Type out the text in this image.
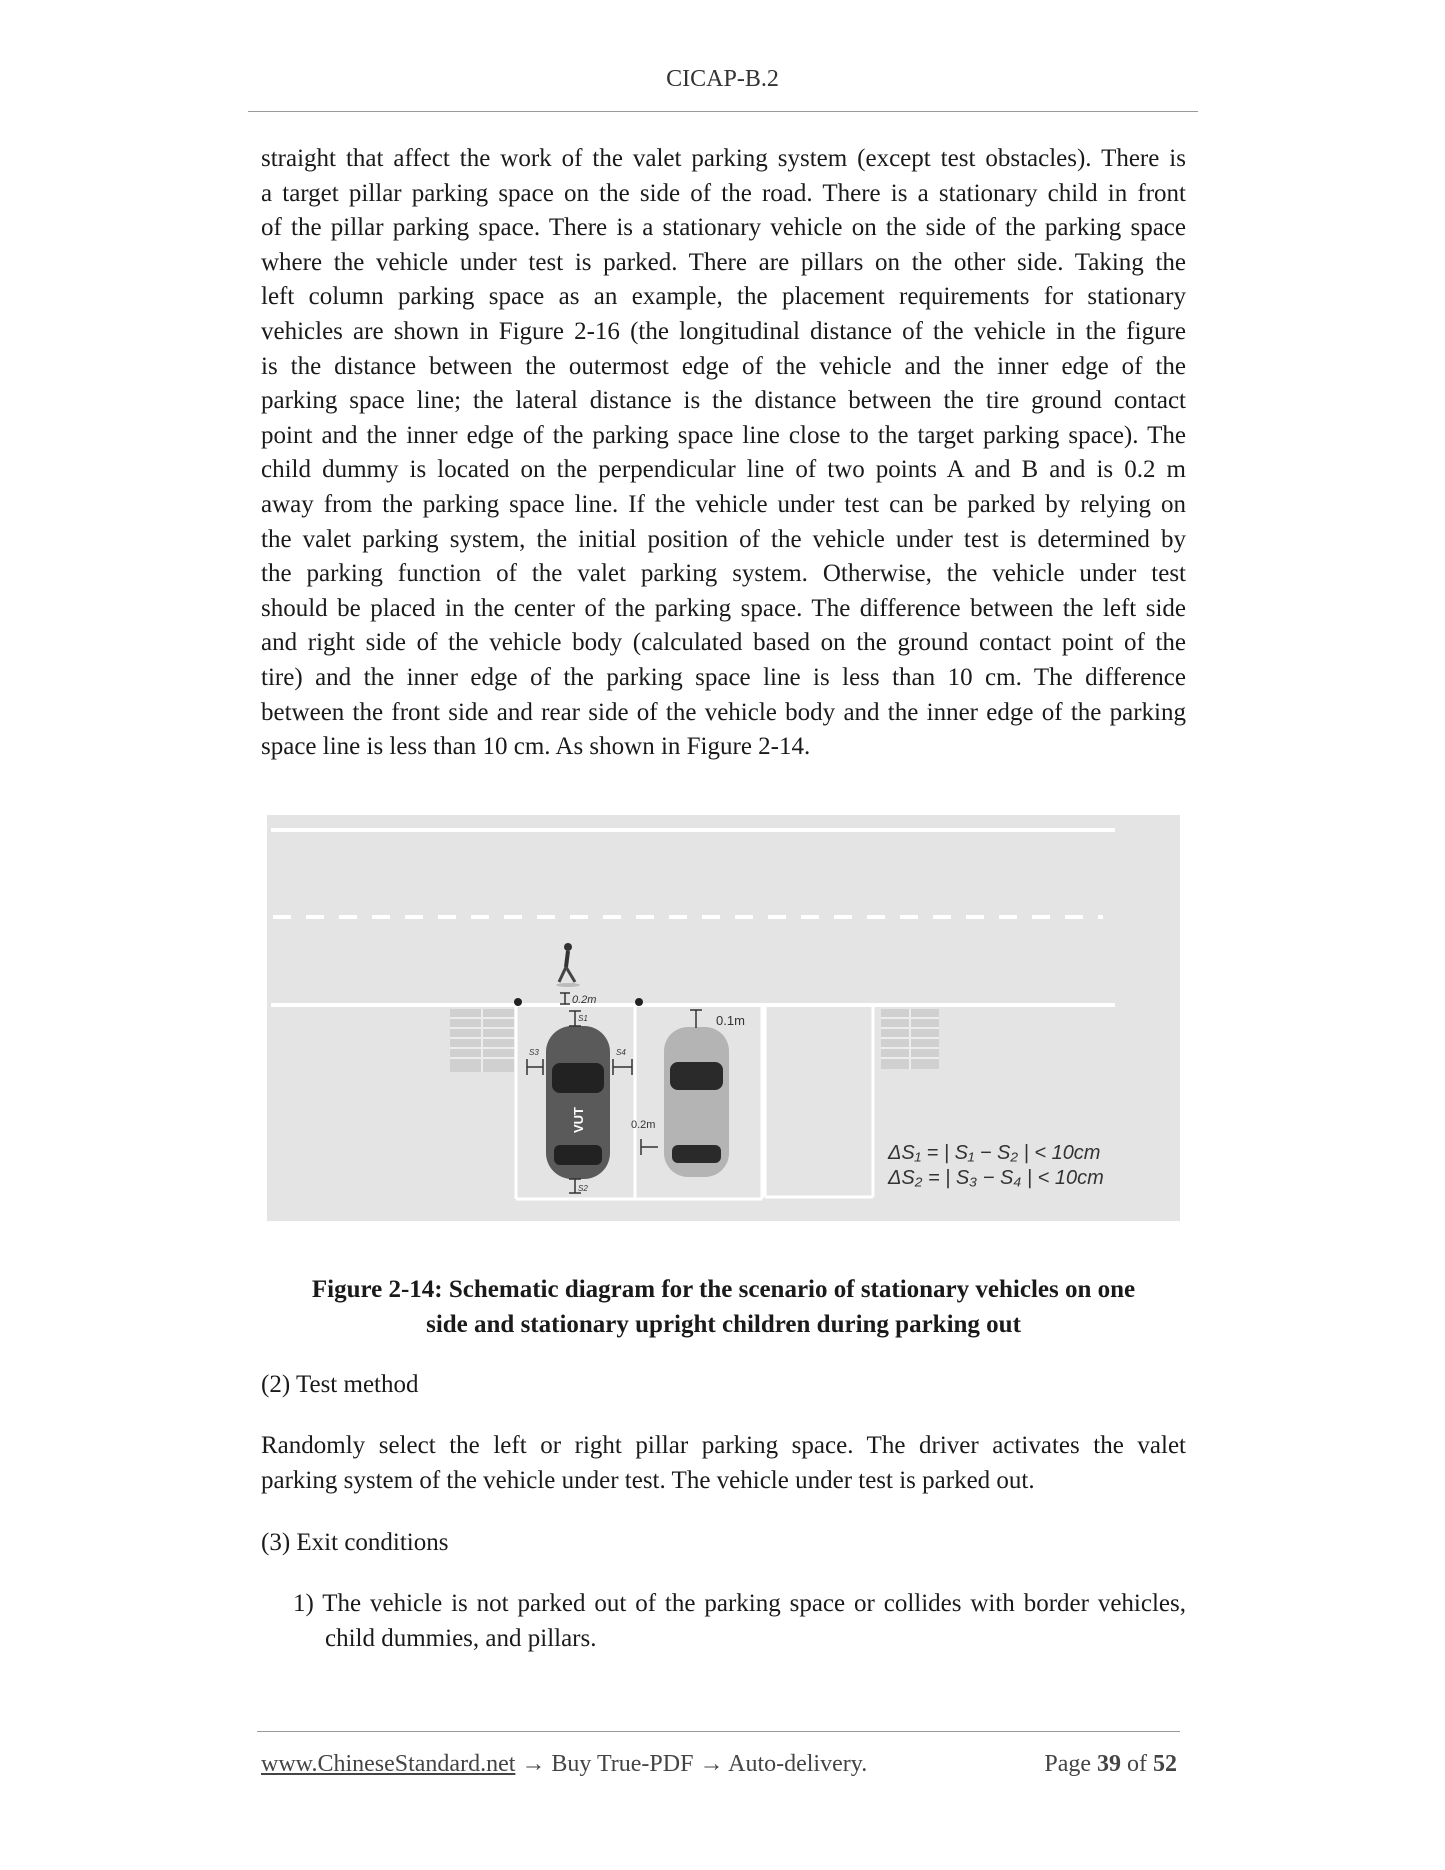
CICAP-B.2
straight that affect the work of the valet parking system (except test obstacles). There is
a target pillar parking space on the side of the road. There is a stationary child in front
of the pillar parking space. There is a stationary vehicle on the side of the parking space
where the vehicle under test is parked. There are pillars on the other side. Taking the
left column parking space as an example, the placement requirements for stationary
vehicles are shown in Figure 2-16 (the longitudinal distance of the vehicle in the figure
is the distance between the outermost edge of the vehicle and the inner edge of the
parking space line; the lateral distance is the distance between the tire ground contact
point and the inner edge of the parking space line close to the target parking space). The
child dummy is located on the perpendicular line of two points A and B and is 0.2 m
away from the parking space line. If the vehicle under test can be parked by relying on
the valet parking system, the initial position of the vehicle under test is determined by
the parking function of the valet parking system. Otherwise, the vehicle under test
should be placed in the center of the parking space. The difference between the left side
and right side of the vehicle body (calculated based on the ground contact point of the
tire) and the inner edge of the parking space line is less than 10 cm. The difference
between the front side and rear side of the vehicle body and the inner edge of the parking
space line is less than 10 cm. As shown in Figure 2-14.
0.2m
VUT
S1
S2
S3	S4
0.1m
0.2m
ΔS₁ = | S₁ − S₂ | < 10cm
ΔS₂ = | S₃ − S₄ | < 10cm
Figure 2-14: Schematic diagram for the scenario of stationary vehicles on one
side and stationary upright children during parking out
(2) Test method
Randomly select the left or right pillar parking space. The driver activates the valet
parking system of the vehicle under test. The vehicle under test is parked out.
(3) Exit conditions
1) The vehicle is not parked out of the parking space or collides with border vehicles,
child dummies, and pillars.
www.ChineseStandard.net → Buy True-PDF → Auto-delivery.	Page 39 of 52
